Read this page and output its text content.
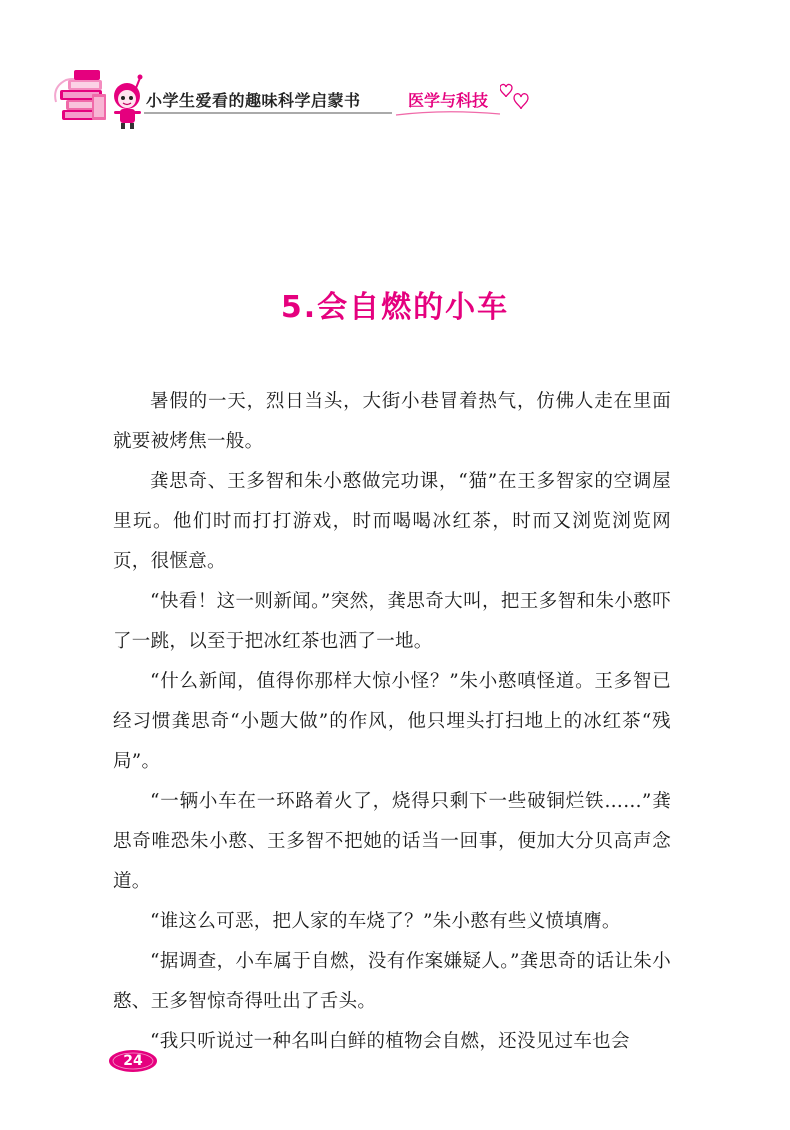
小学生爱看的趣味科学启蒙书	医学与科技
5.会自燃的小车

暑假的一天，烈日当头，大街小巷冒着热气，仿佛人走在里面就要被烤焦一般。

龚思奇、王多智和朱小憨做完功课，“猫”在王多智家的空调屋里玩。他们时而打打游戏，时而喝喝冰红茶，时而又浏览浏览网页，很惬意。

“快看！这一则新闻。”突然，龚思奇大叫，把王多智和朱小憨吓了一跳，以至于把冰红茶也洒了一地。

“什么新闻，值得你那样大惊小怪？”朱小憨嗔怪道。王多智已经习惯龚思奇“小题大做”的作风，他只埋头打扫地上的冰红茶“残局”。

“一辆小车在一环路着火了，烧得只剩下一些破铜烂铁……”龚思奇唯恐朱小憨、王多智不把她的话当一回事，便加大分贝高声念道。

“谁这么可恶，把人家的车烧了？”朱小憨有些义愤填膺。

“据调查，小车属于自燃，没有作案嫌疑人。”龚思奇的话让朱小憨、王多智惊奇得吐出了舌头。

“我只听说过一种名叫白鲜的植物会自燃，还没见过车也会

24
